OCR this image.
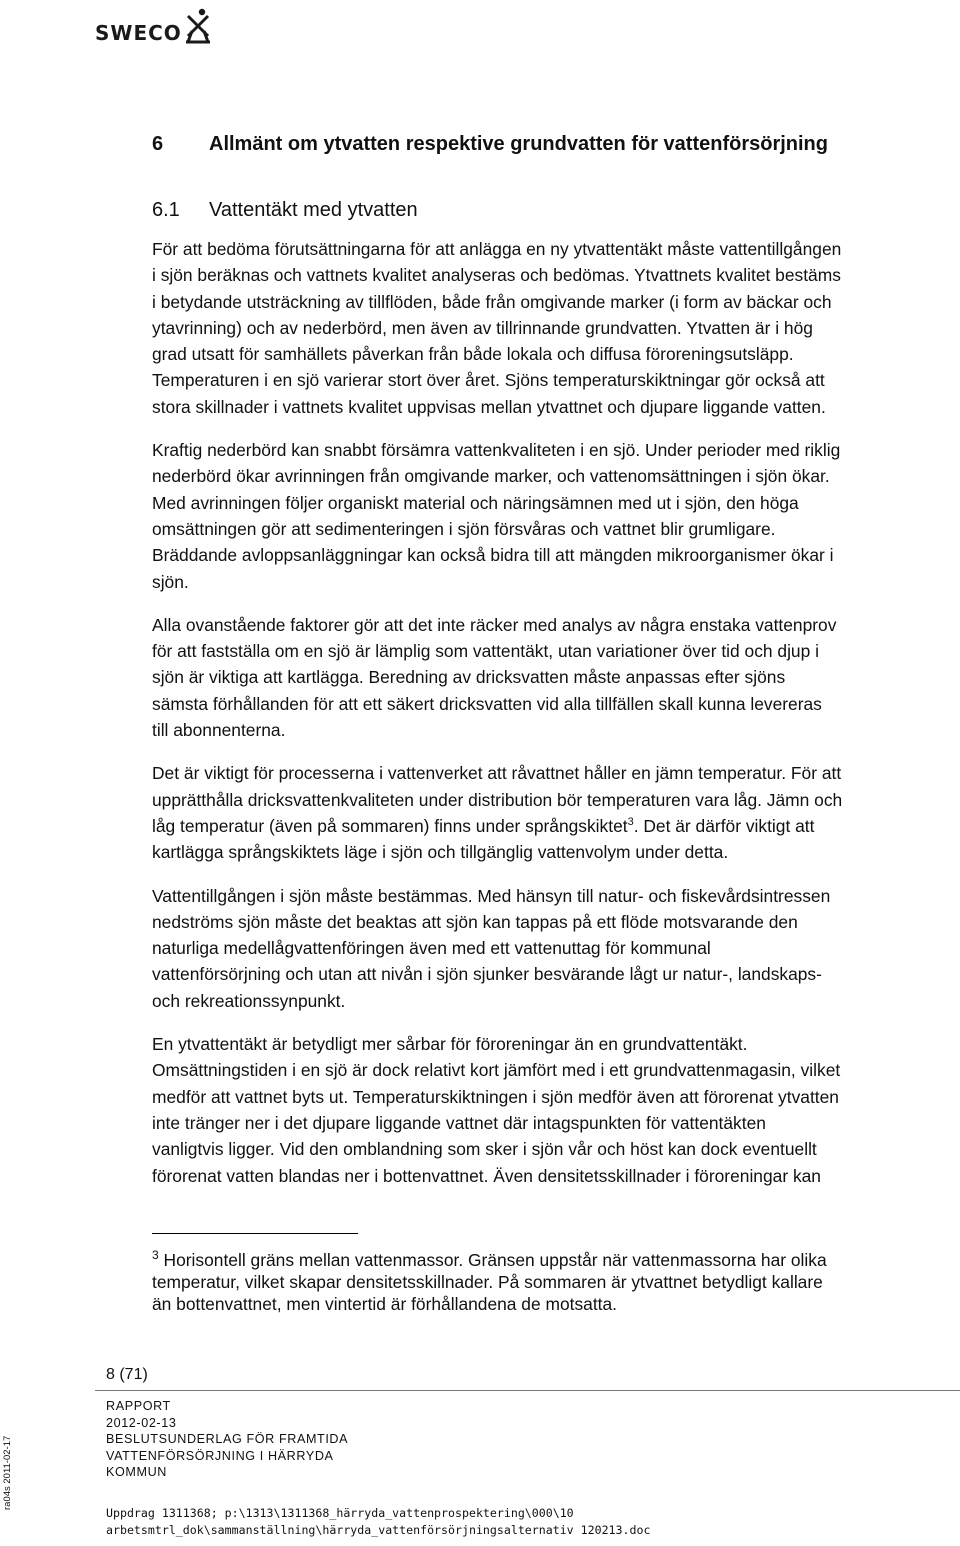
SWECO
6 Allmänt om ytvatten respektive grundvatten för vattenförsörjning
6.1 Vattentäkt med ytvatten

För att bedöma förutsättningarna för att anlägga en ny ytvattentäkt måste vattentillgången
i sjön beräknas och vattnets kvalitet analyseras och bedömas. Ytvattnets kvalitet bestäms
i betydande utsträckning av tillflöden, både från omgivande marker (i form av bäckar och
ytavrinning) och av nederbörd, men även av tillrinnande grundvatten. Ytvatten är i hög
grad utsatt för samhällets påverkan från både lokala och diffusa föroreningsutsläpp.
Temperaturen i en sjö varierar stort över året. Sjöns temperaturskiktningar gör också att
stora skillnader i vattnets kvalitet uppvisas mellan ytvattnet och djupare liggande vatten.

Kraftig nederbörd kan snabbt försämra vattenkvaliteten i en sjö. Under perioder med riklig
nederbörd ökar avrinningen från omgivande marker, och vattenomsättningen i sjön ökar.
Med avrinningen följer organiskt material och näringsämnen med ut i sjön, den höga
omsättningen gör att sedimenteringen i sjön försvåras och vattnet blir grumligare.
Bräddande avloppsanläggningar kan också bidra till att mängden mikroorganismer ökar i
sjön.

Alla ovanstående faktorer gör att det inte räcker med analys av några enstaka vattenprov
för att fastställa om en sjö är lämplig som vattentäkt, utan variationer över tid och djup i
sjön är viktiga att kartlägga. Beredning av dricksvatten måste anpassas efter sjöns
sämsta förhållanden för att ett säkert dricksvatten vid alla tillfällen skall kunna levereras
till abonnenterna.

Det är viktigt för processerna i vattenverket att råvattnet håller en jämn temperatur. För att
upprätthålla dricksvattenkvaliteten under distribution bör temperaturen vara låg. Jämn och
låg temperatur (även på sommaren) finns under språngskiktet$^3$. Det är därför viktigt att
kartlägga språngskiktets läge i sjön och tillgänglig vattenvolym under detta.

Vattentillgången i sjön måste bestämmas. Med hänsyn till natur- och fiskevårdsintressen
nedströms sjön måste det beaktas att sjön kan tappas på ett flöde motsvarande den
naturliga medellågvattenföringen även med ett vattenuttag för kommunal
vattenförsörjning och utan att nivån i sjön sjunker besvärande lågt ur natur-, landskaps-
och rekreationssynpunkt.

En ytvattentäkt är betydligt mer sårbar för föroreningar än en grundvattentäkt.
Omsättningstiden i en sjö är dock relativt kort jämfört med i ett grundvattenmagasin, vilket
medför att vattnet byts ut. Temperaturskiktningen i sjön medför även att förorenat ytvatten
inte tränger ner i det djupare liggande vattnet där intagspunkten för vattentäkten
vanligtvis ligger. Vid den omblandning som sker i sjön vår och höst kan dock eventuellt
förorenat vatten blandas ner i bottenvattnet. Även densitetsskillnader i föroreningar kan

$^3$ Horisontell gräns mellan vattenmassor. Gränsen uppstår när vattenmassorna har olika
temperatur, vilket skapar densitetsskillnader. På sommaren är ytvattnet betydligt kallare
än bottenvattnet, men vintertid är förhållandena de motsatta.
8 (71)
RAPPORT
2012-02-13
BESLUTSUNDERLAG FÖR FRAMTIDA
VATTENFÖRSÖRJNING I HÄRRYDA
KOMMUN
Uppdrag 1311368; p:\1313\1311368_härryda_vattenprospektering\000\10
arbetsmtrl_dok\sammanställning\härryda_vattenförsörjningsalternativ 120213.doc
ra04s 2011-02-17
